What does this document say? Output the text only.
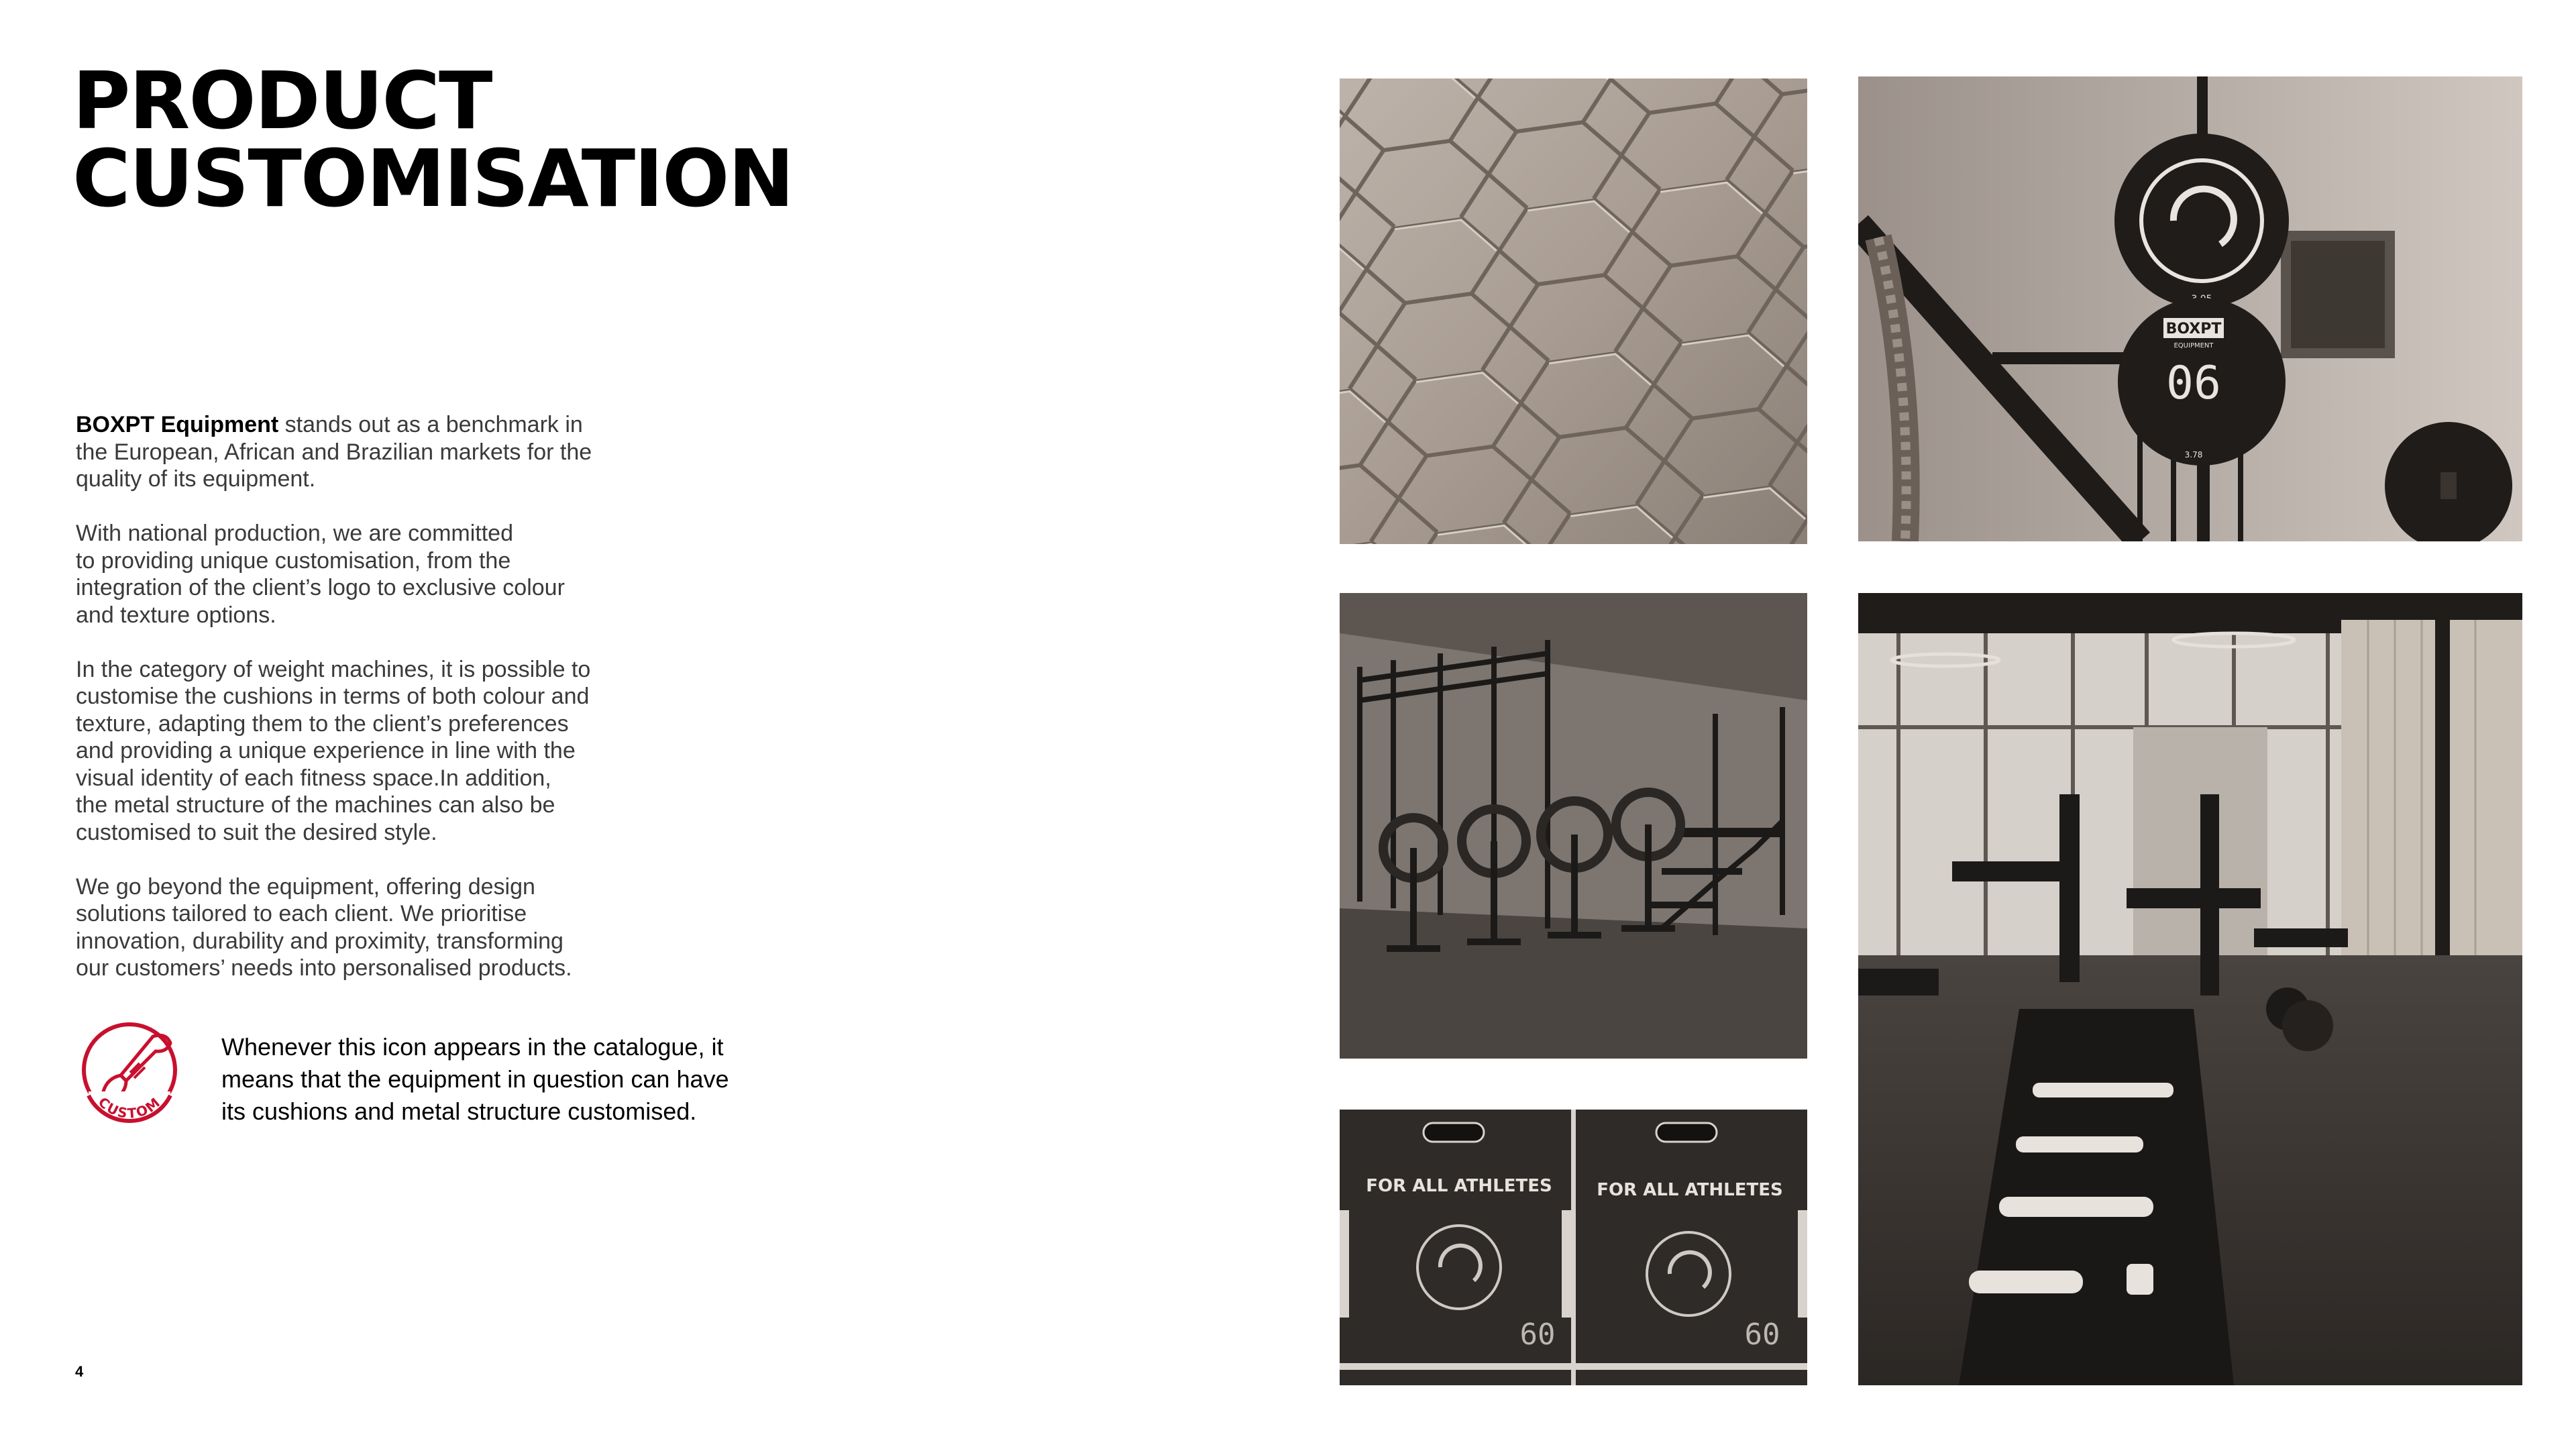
PRODUCT
CUSTOMISATION

BOXPT Equipment stands out as a benchmark in
the European, African and Brazilian markets for the
quality of its equipment.

With national production, we are committed
to providing unique customisation, from the
integration of the client’s logo to exclusive colour
and texture options.

In the category of weight machines, it is possible to
customise the cushions in terms of both colour and
texture, adapting them to the client’s preferences
and providing a unique experience in line with the
visual identity of each fitness space.In addition,
the metal structure of the machines can also be
customised to suit the desired style.

We go beyond the equipment, offering design
solutions tailored to each client. We prioritise
innovation, durability and proximity, transforming
our customers’ needs into personalised products.

CUSTOM
Whenever this icon appears in the catalogue, it
means that the equipment in question can have
its cushions and metal structure customised.
4
BOXPT
EQUIPMENT
06
3.78
FOR ALL ATHLETES	FOR ALL ATHLETES
60	60
